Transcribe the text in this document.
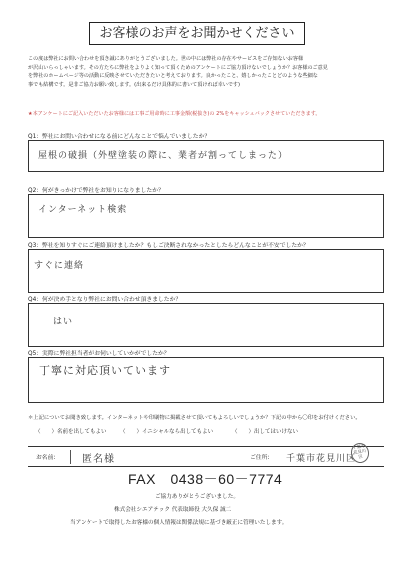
お客様のお声をお聞かせください
この度は弊社にお問い合わせを頂き誠にありがとうございました。世の中には弊社の存在やサービスをご存知ないお客様
が沢山いらっしゃいます。その方たちに弊社をよりよく知って頂くためのアンケートにご協力頂けないでしょうか？お客様のご意見
を弊社のホームページ等の活動に反映させていただきたいと考えております。良かったこと、嬉しかったことどのような些細な
事でも結構です。是非ご協力お願い致します。(出来るだけ具体的に書いて頂ければ幸いです)
★本アンケートにご記入いただいたお客様には工事ご用命時に工事金額(税抜き)の 2%をキャッシュバックさせていただきます。
Q1：弊社にお問い合わせになる前にどんなことで悩んでいましたか？
屋根の破損（外壁塗装の際に、業者が割ってしまった）
Q2：何がきっかけで弊社をお知りになりましたか？
インターネット検索
Q3：弊社を知りすぐにご連絡頂けましたか？もしご決断されなかったとしたらどんなことが不安でしたか？
すぐに連絡
Q4：何が決め手となり弊社にお問い合わせ頂きましたか？
はい
Q5：実際に弊社担当者がお伺いしていかがでしたか？
丁寧に対応頂いています
＊上記についてお聞き致します。インターネットや印刷物に掲載させて頂いてもよろしいでしょうか？下記の中から〇印をお付けください。
（　　）名前を出してもよい （　　）イニシャルなら出してもよい	（　　）出してはいけない
お名前:	匿名様	ご住所: 千葉市花見川区
千葉市花見川区
FAX　0438－60－7774
ご協力ありがとうございました。
株式会社シエアテック 代表取締役 大久保 誠二
当アンケートで取得したお客様の個人情報は関係法規に基づき厳正に管理いたします。
